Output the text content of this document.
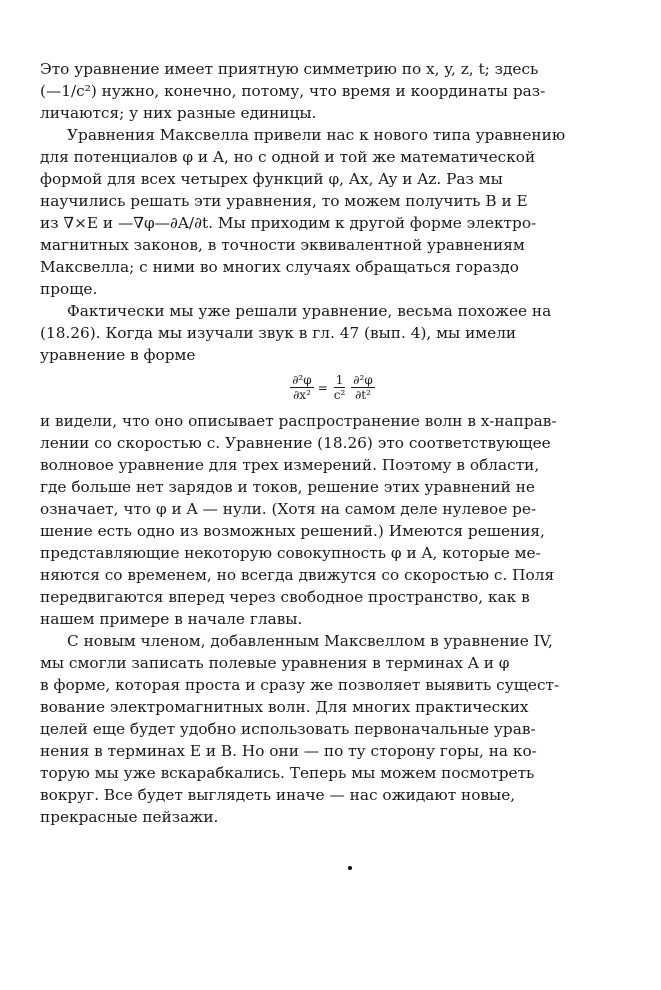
Это уравнение имеет приятную симметрию по x, y, z, t; здесь
(—1/c²) нужно, конечно, потому, что время и координаты раз-
личаются; у них разные единицы.

Уравнения Максвелла привели нас к нового типа уравнению
для потенциалов φ и A, но с одной и той же математической
формой для всех четырех функций φ, Ax, Ay и Az. Раз мы
научились решать эти уравнения, то можем получить B и E
из ∇×E и —∇φ—∂A/∂t. Мы приходим к другой форме электро-
магнитных законов, в точности эквивалентной уравнениям
Максвелла; с ними во многих случаях обращаться гораздо
проще.

Фактически мы уже решали уравнение, весьма похожее на
(18.26). Когда мы изучали звук в гл. 47 (вып. 4), мы имели
уравнение в форме

$\frac{\text{∂²φ}}{\text{∂x²}} = \frac{1}{\text{c²}} \frac{\text{∂²φ}}{\text{∂t²}}$

и видели, что оно описывает распространение волн в x-направ-
лении со скоростью c. Уравнение (18.26) это соответствующее
волновое уравнение для трех измерений. Поэтому в области,
где больше нет зарядов и токов, решение этих уравнений не
означает, что φ и A — нули. (Хотя на самом деле нулевое ре-
шение есть одно из возможных решений.) Имеются решения,
представляющие некоторую совокупность φ и A, которые ме-
няются со временем, но всегда движутся со скоростью c. Поля
передвигаются вперед через свободное пространство, как в
нашем примере в начале главы.

С новым членом, добавленным Максвеллом в уравнение IV,
мы смогли записать полевые уравнения в терминах A и φ
в форме, которая проста и сразу же позволяет выявить сущест-
вование электромагнитных волн. Для многих практических
целей еще будет удобно использовать первоначальные урав-
нения в терминах E и B. Но они — по ту сторону горы, на ко-
торую мы уже вскарабкались. Теперь мы можем посмотреть
вокруг. Все будет выглядеть иначе — нас ожидают новые,
прекрасные пейзажи.
